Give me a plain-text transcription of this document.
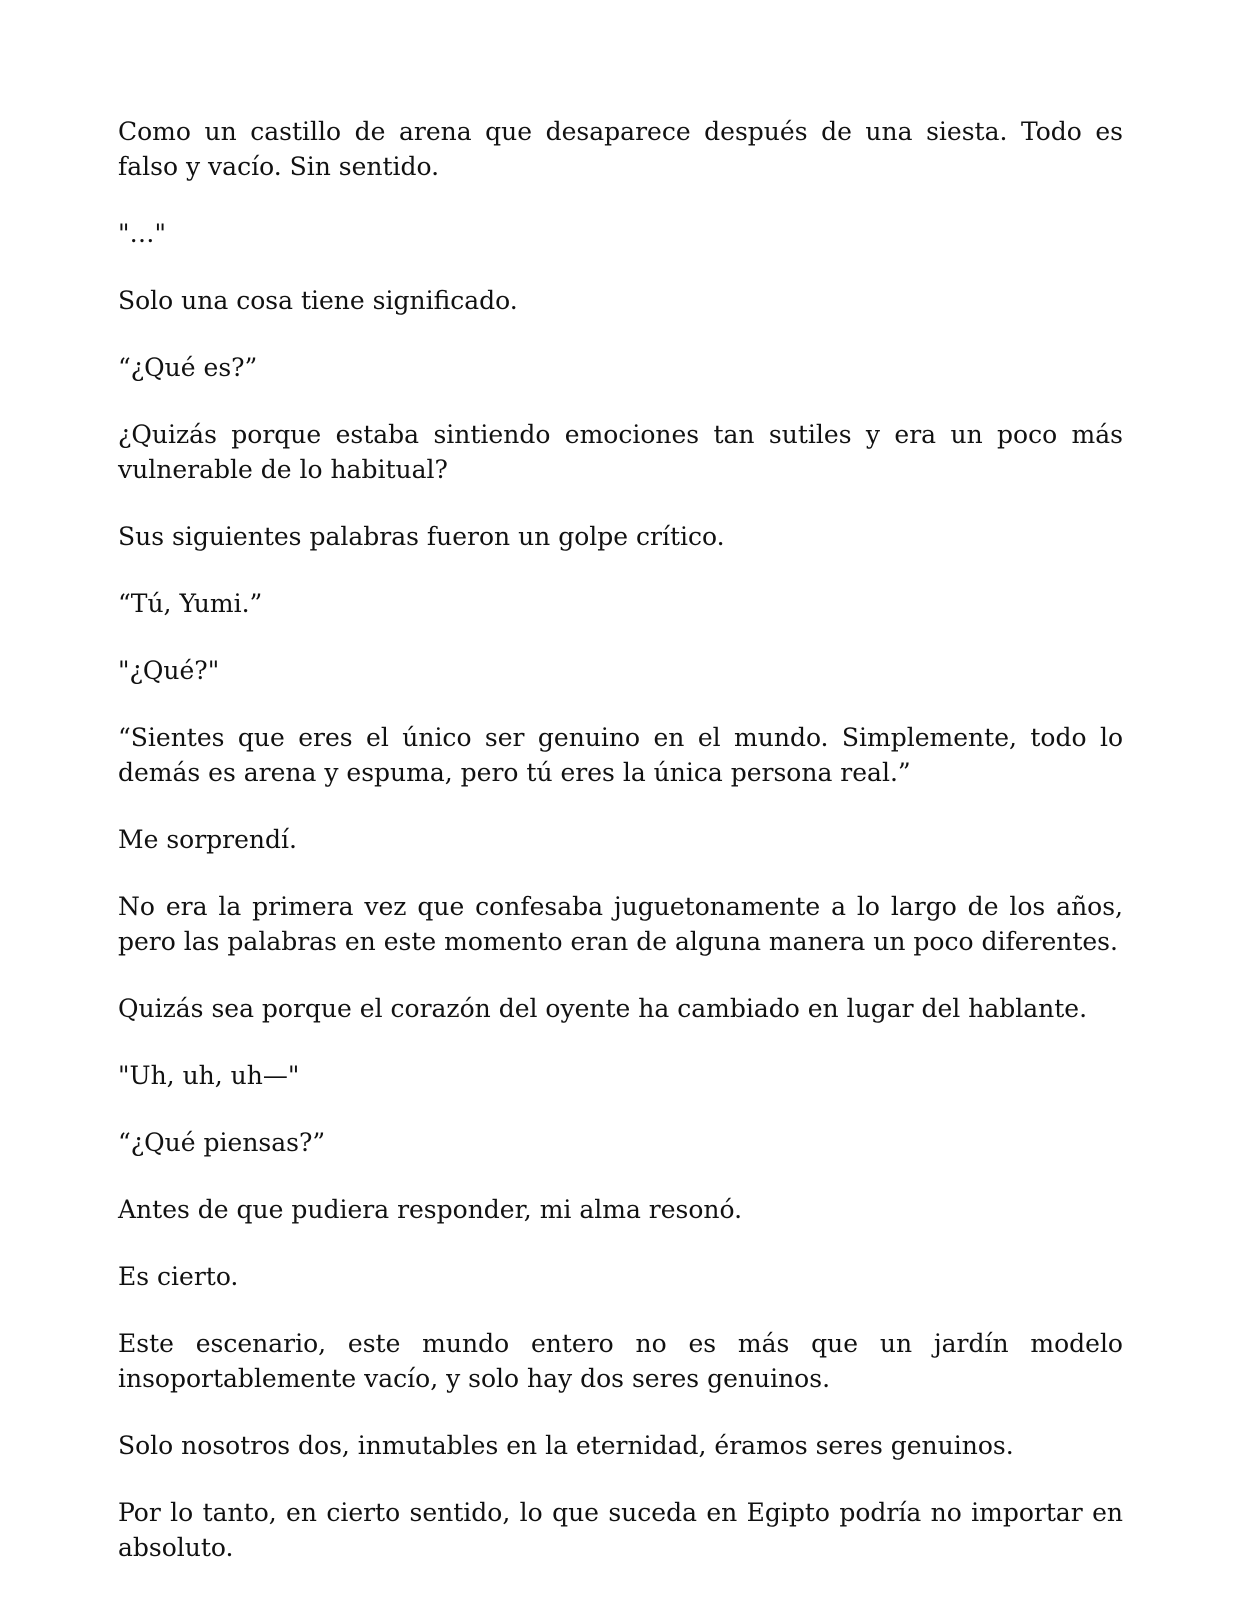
Como un castillo de arena que desaparece después de una siesta. Todo es falso y vacío. Sin sentido.

"…"

Solo una cosa tiene significado.

“¿Qué es?”

¿Quizás porque estaba sintiendo emociones tan sutiles y era un poco más vulnerable de lo habitual?

Sus siguientes palabras fueron un golpe crítico.

“Tú, Yumi.”

"¿Qué?"

“Sientes que eres el único ser genuino en el mundo. Simplemente, todo lo demás es arena y espuma, pero tú eres la única persona real.”

Me sorprendí.

No era la primera vez que confesaba juguetonamente a lo largo de los años, pero las palabras en este momento eran de alguna manera un poco diferentes.

Quizás sea porque el corazón del oyente ha cambiado en lugar del hablante.

"Uh, uh, uh—"

“¿Qué piensas?”

Antes de que pudiera responder, mi alma resonó.

Es cierto.

Este escenario, este mundo entero no es más que un jardín modelo insoportablemente vacío, y solo hay dos seres genuinos.

Solo nosotros dos, inmutables en la eternidad, éramos seres genuinos.

Por lo tanto, en cierto sentido, lo que suceda en Egipto podría no importar en absoluto.
